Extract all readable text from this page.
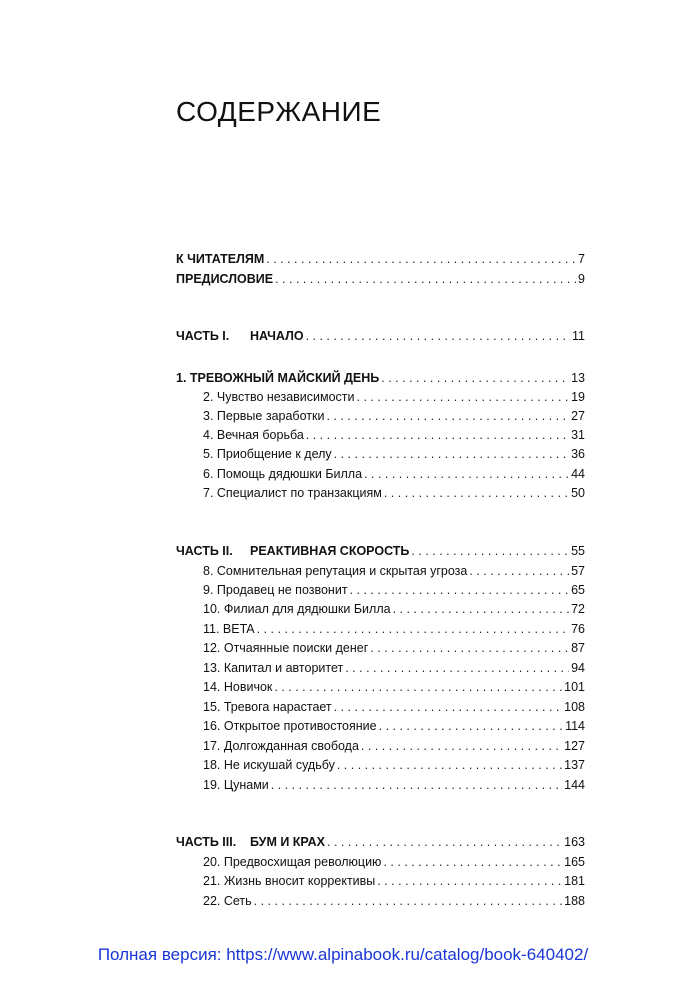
СОДЕРЖАНИЕ
К ЧИТАТЕЛЯМ . . .	7
ПРЕДИСЛОВИЕ . . .	9
ЧАСТЬ I. НАЧАЛО . . .	11
1. ТРЕВОЖНЫЙ МАЙСКИЙ ДЕНЬ . . .	13
2. Чувство независимости . . .	19
3. Первые заработки . . .	27
4. Вечная борьба . . .	31
5. Приобщение к делу . . .	36
6. Помощь дядюшки Билла . . .	44
7. Специалист по транзакциям . . .	50
ЧАСТЬ II. РЕАКТИВНАЯ СКОРОСТЬ . . .	55
8. Сомнительная репутация и скрытая угроза . . .	57
9. Продавец не позвонит . . .	65
10. Филиал для дядюшки Билла . . .	72
11. BETA . . .	76
12. Отчаянные поиски денег . . .	87
13. Капитал и авторитет . . .	94
14. Новичок . . .	101
15. Тревога нарастает . . .	108
16. Открытое противостояние . . .	114
17. Долгожданная свобода . . .	127
18. Не искушай судьбу . . .	137
19. Цунами . . .	144
ЧАСТЬ III. БУМ И КРАХ . . .	163
20. Предвосхищая революцию . . .	165
21. Жизнь вносит коррективы . . .	181
22. Сеть . . .	188
Полная версия: https://www.alpinabook.ru/catalog/book-640402/
